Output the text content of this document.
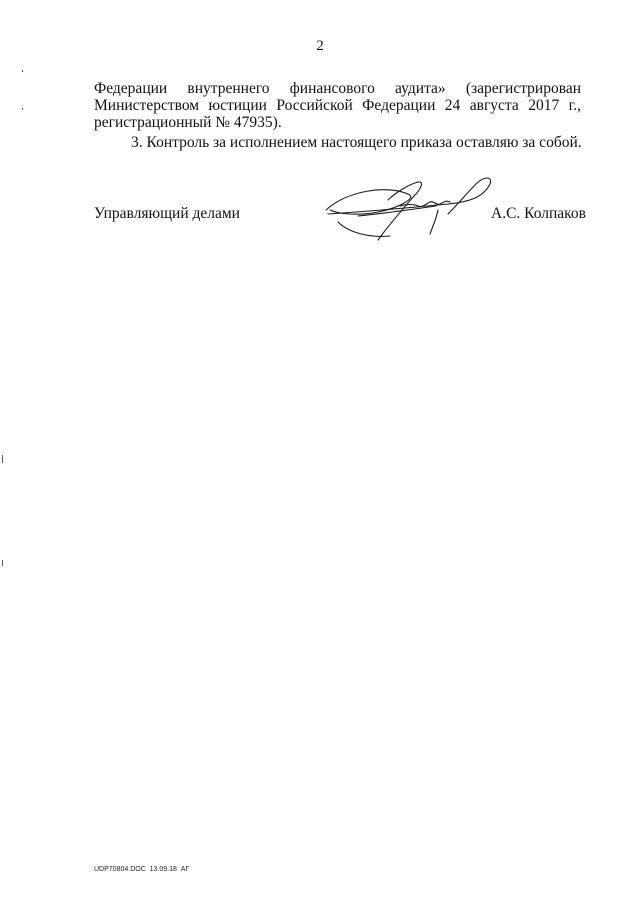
2
Федерации внутреннего финансового аудита» (зарегистрирован
Министерством юстиции Российской Федерации 24 августа 2017 г.,
регистрационный № 47935).
3. Контроль за исполнением настоящего приказа оставляю за собой.
Управляющий делами	А.С. Колпаков
UDP70804.DOC  13.09.18  АГ
